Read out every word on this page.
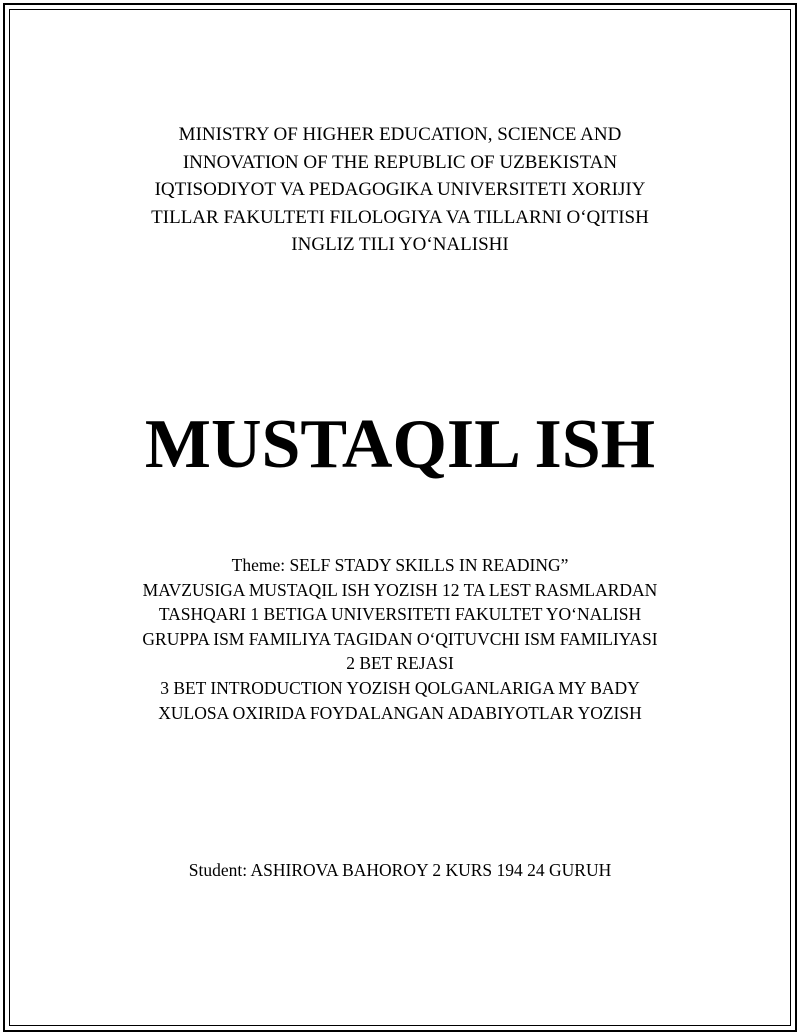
MINISTRY OF HIGHER EDUCATION, SCIENCE AND
INNOVATION OF THE REPUBLIC OF UZBEKISTAN
IQTISODIYOT VA PEDAGOGIKA UNIVERSITETI XORIJIY
TILLAR FAKULTETI FILOLOGIYA VA TILLARNI O‘QITISH
INGLIZ TILI YO‘NALISHI
MUSTAQIL ISH
Theme: SELF STADY SKILLS IN READING”
MAVZUSIGA MUSTAQIL ISH YOZISH 12 TA LEST RASMLARDAN
TASHQARI 1 BETIGA UNIVERSITETI FAKULTET YO‘NALISH
GRUPPA ISM FAMILIYA TAGIDAN O‘QITUVCHI ISM FAMILIYASI
2 BET REJASI
3 BET INTRODUCTION YOZISH QOLGANLARIGA MY BADY
XULOSA OXIRIDA FOYDALANGAN ADABIYOTLAR YOZISH
Student: ASHIROVA BAHOROY 2 KURS 194 24 GURUH
